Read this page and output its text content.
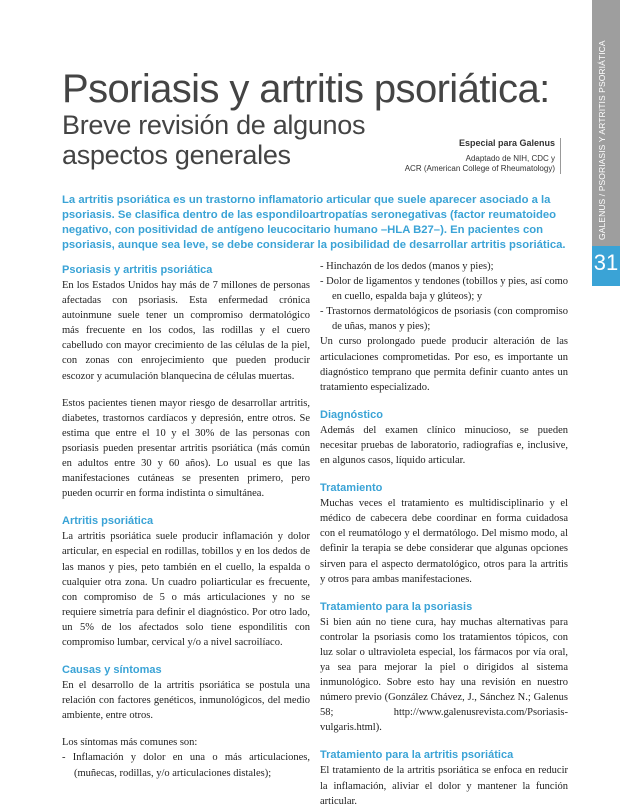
GALENUS / PSORIASIS Y ARTRITIS PSORIÁTICA
31
Psoriasis y artritis psoriática:
Breve revisión de algunos aspectos generales	Especial para Galenus
Adaptado de NIH, CDC y
ACR (American College of Rheumatology)

La artritis psoriática es un trastorno inflamatorio articular que suele aparecer asociado a la psoriasis. Se clasifica dentro de las espondiloartropatías seronegativas (factor reumatoideo negativo, con positividad de antígeno leucocitario humano –HLA B27–). En pacientes con psoriasis, aunque sea leve, se debe considerar la posibilidad de desarrollar artritis psoriática.

Psoriasis y artritis psoriática

En los Estados Unidos hay más de 7 millones de personas afectadas con psoriasis. Esta enfermedad crónica autoinmune suele tener un compromiso dermatológico más frecuente en los codos, las rodillas y el cuero cabelludo con mayor crecimiento de las células de la piel, con zonas con enrojecimiento que pueden producir escozor y acumulación blanquecina de células muertas.

Estos pacientes tienen mayor riesgo de desarrollar artritis, diabetes, trastornos cardíacos y depresión, entre otros. Se estima que entre el 10 y el 30% de las personas con psoriasis pueden presentar artritis psoriática (más común en adultos entre 30 y 60 años). Lo usual es que las manifestaciones cutáneas se presenten primero, pero pueden ocurrir en forma indistinta o simultánea.

Artritis psoriática

La artritis psoriática suele producir inflamación y dolor articular, en especial en rodillas, tobillos y en los dedos de las manos y pies, peto también en el cuello, la espalda o cualquier otra zona. Un cuadro poliarticular es frecuente, con compromiso de 5 o más articulaciones y no se requiere simetría para definir el diagnóstico. Por otro lado, un 5% de los afectados solo tiene espondilitis con compromiso lumbar, cervical y/o a nivel sacroilíaco.

Causas y síntomas

En el desarrollo de la artritis psoriática se postula una relación con factores genéticos, inmunológicos, del medio ambiente, entre otros.

Los síntomas más comunes son:

- Inflamación y dolor en una o más articulaciones, (muñecas, rodillas, y/o articulaciones distales);
- Hinchazón de los dedos (manos y pies);
- Dolor de ligamentos y tendones (tobillos y pies, así como en cuello, espalda baja y glúteos); y
- Trastornos dermatológicos de psoriasis (con compromiso de uñas, manos y pies);

Un curso prolongado puede producir alteración de las articulaciones comprometidas. Por eso, es importante un diagnóstico temprano que permita definir cuanto antes un tratamiento especializado.

Diagnóstico

Además del examen clínico minucioso, se pueden necesitar pruebas de laboratorio, radiografías e, inclusive, en algunos casos, líquido articular.

Tratamiento

Muchas veces el tratamiento es multidisciplinario y el médico de cabecera debe coordinar en forma cuidadosa con el reumatólogo y el dermatólogo. Del mismo modo, al definir la terapia se debe considerar que algunas opciones sirven para el aspecto dermatológico, otros para la artritis y otros para ambas manifestaciones.

Tratamiento para la psoriasis

Si bien aún no tiene cura, hay muchas alternativas para controlar la psoriasis como los tratamientos tópicos, con luz solar o ultravioleta especial, los fármacos por vía oral, ya sea para mejorar la piel o dirigidos al sistema inmunológico. Sobre esto hay una revisión en nuestro número previo (González Chávez, J., Sánchez N.; Galenus 58; http://www.galenusrevista.com/Psoriasis-vulgaris.html).

Tratamiento para la artritis psoriática

El tratamiento de la artritis psoriática se enfoca en reducir la inflamación, aliviar el dolor y mantener la función articular.
